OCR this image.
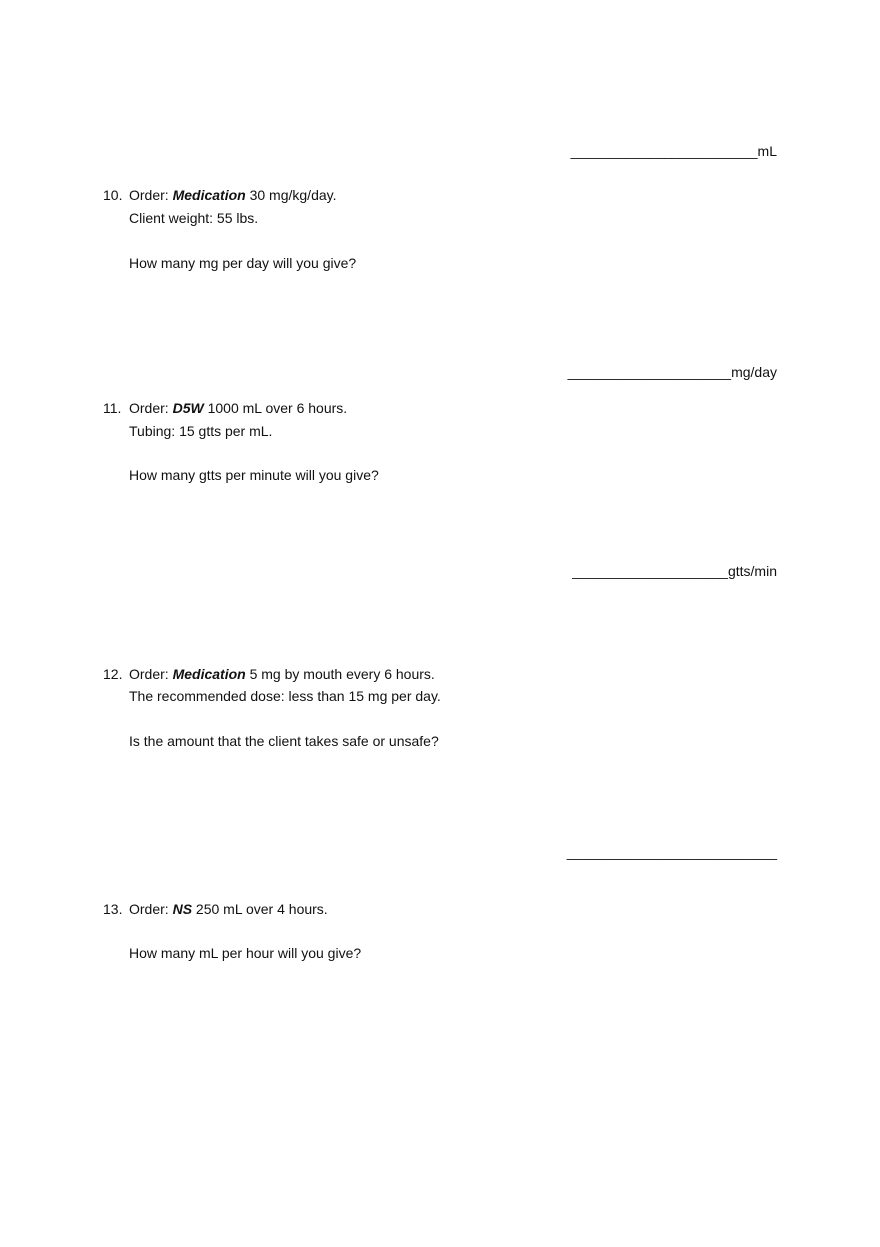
________________________mL
10. Order: Medication 30 mg/kg/day.
Client weight: 55 lbs.
How many mg per day will you give?
_____________________mg/day
11. Order: D5W 1000 mL over 6 hours.
Tubing: 15 gtts per mL.
How many gtts per minute will you give?
____________________gtts/min
12. Order: Medication 5 mg by mouth every 6 hours.
The recommended dose: less than 15 mg per day.
Is the amount that the client takes safe or unsafe?
___________________________
13. Order: NS 250 mL over 4 hours.
How many mL per hour will you give?
